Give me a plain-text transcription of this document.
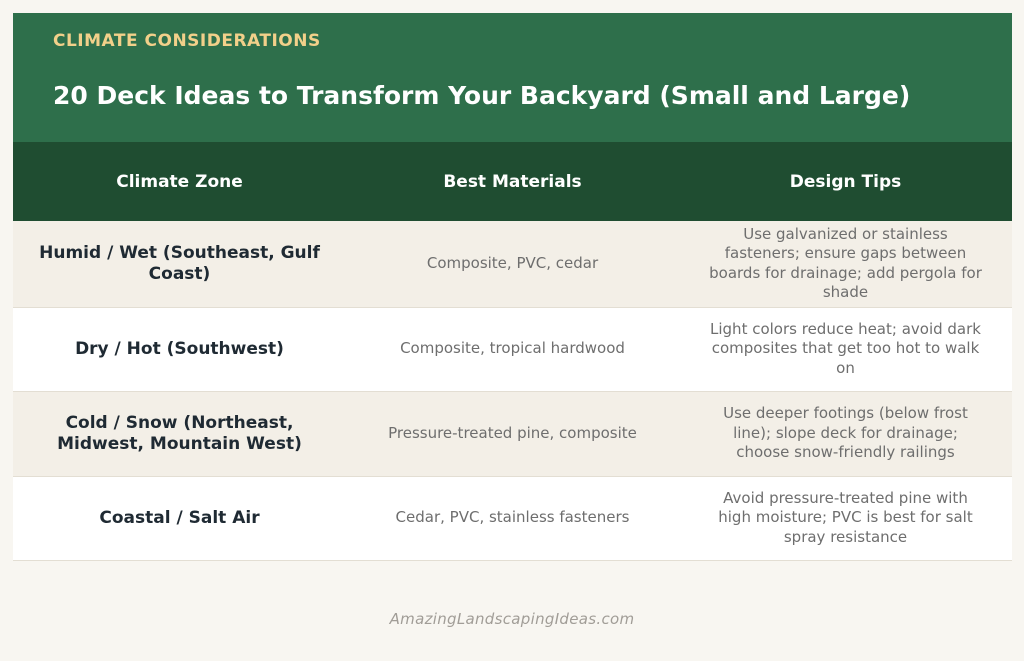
CLIMATE CONSIDERATIONS
20 Deck Ideas to Transform Your Backyard (Small and Large)
Climate Zone	Best Materials	Design Tips
Humid / Wet (Southeast, Gulf Coast)	Composite, PVC, cedar	Use galvanized or stainless fasteners; ensure gaps between boards for drainage; add pergola for shade
Dry / Hot (Southwest)	Composite, tropical hardwood	Light colors reduce heat; avoid dark composites that get too hot to walk on
Cold / Snow (Northeast, Midwest, Mountain West)	Pressure-treated pine, composite	Use deeper footings (below frost line); slope deck for drainage; choose snow-friendly railings
Coastal / Salt Air	Cedar, PVC, stainless fasteners	Avoid pressure-treated pine with high moisture; PVC is best for salt spray resistance
AmazingLandscapingIdeas.com
